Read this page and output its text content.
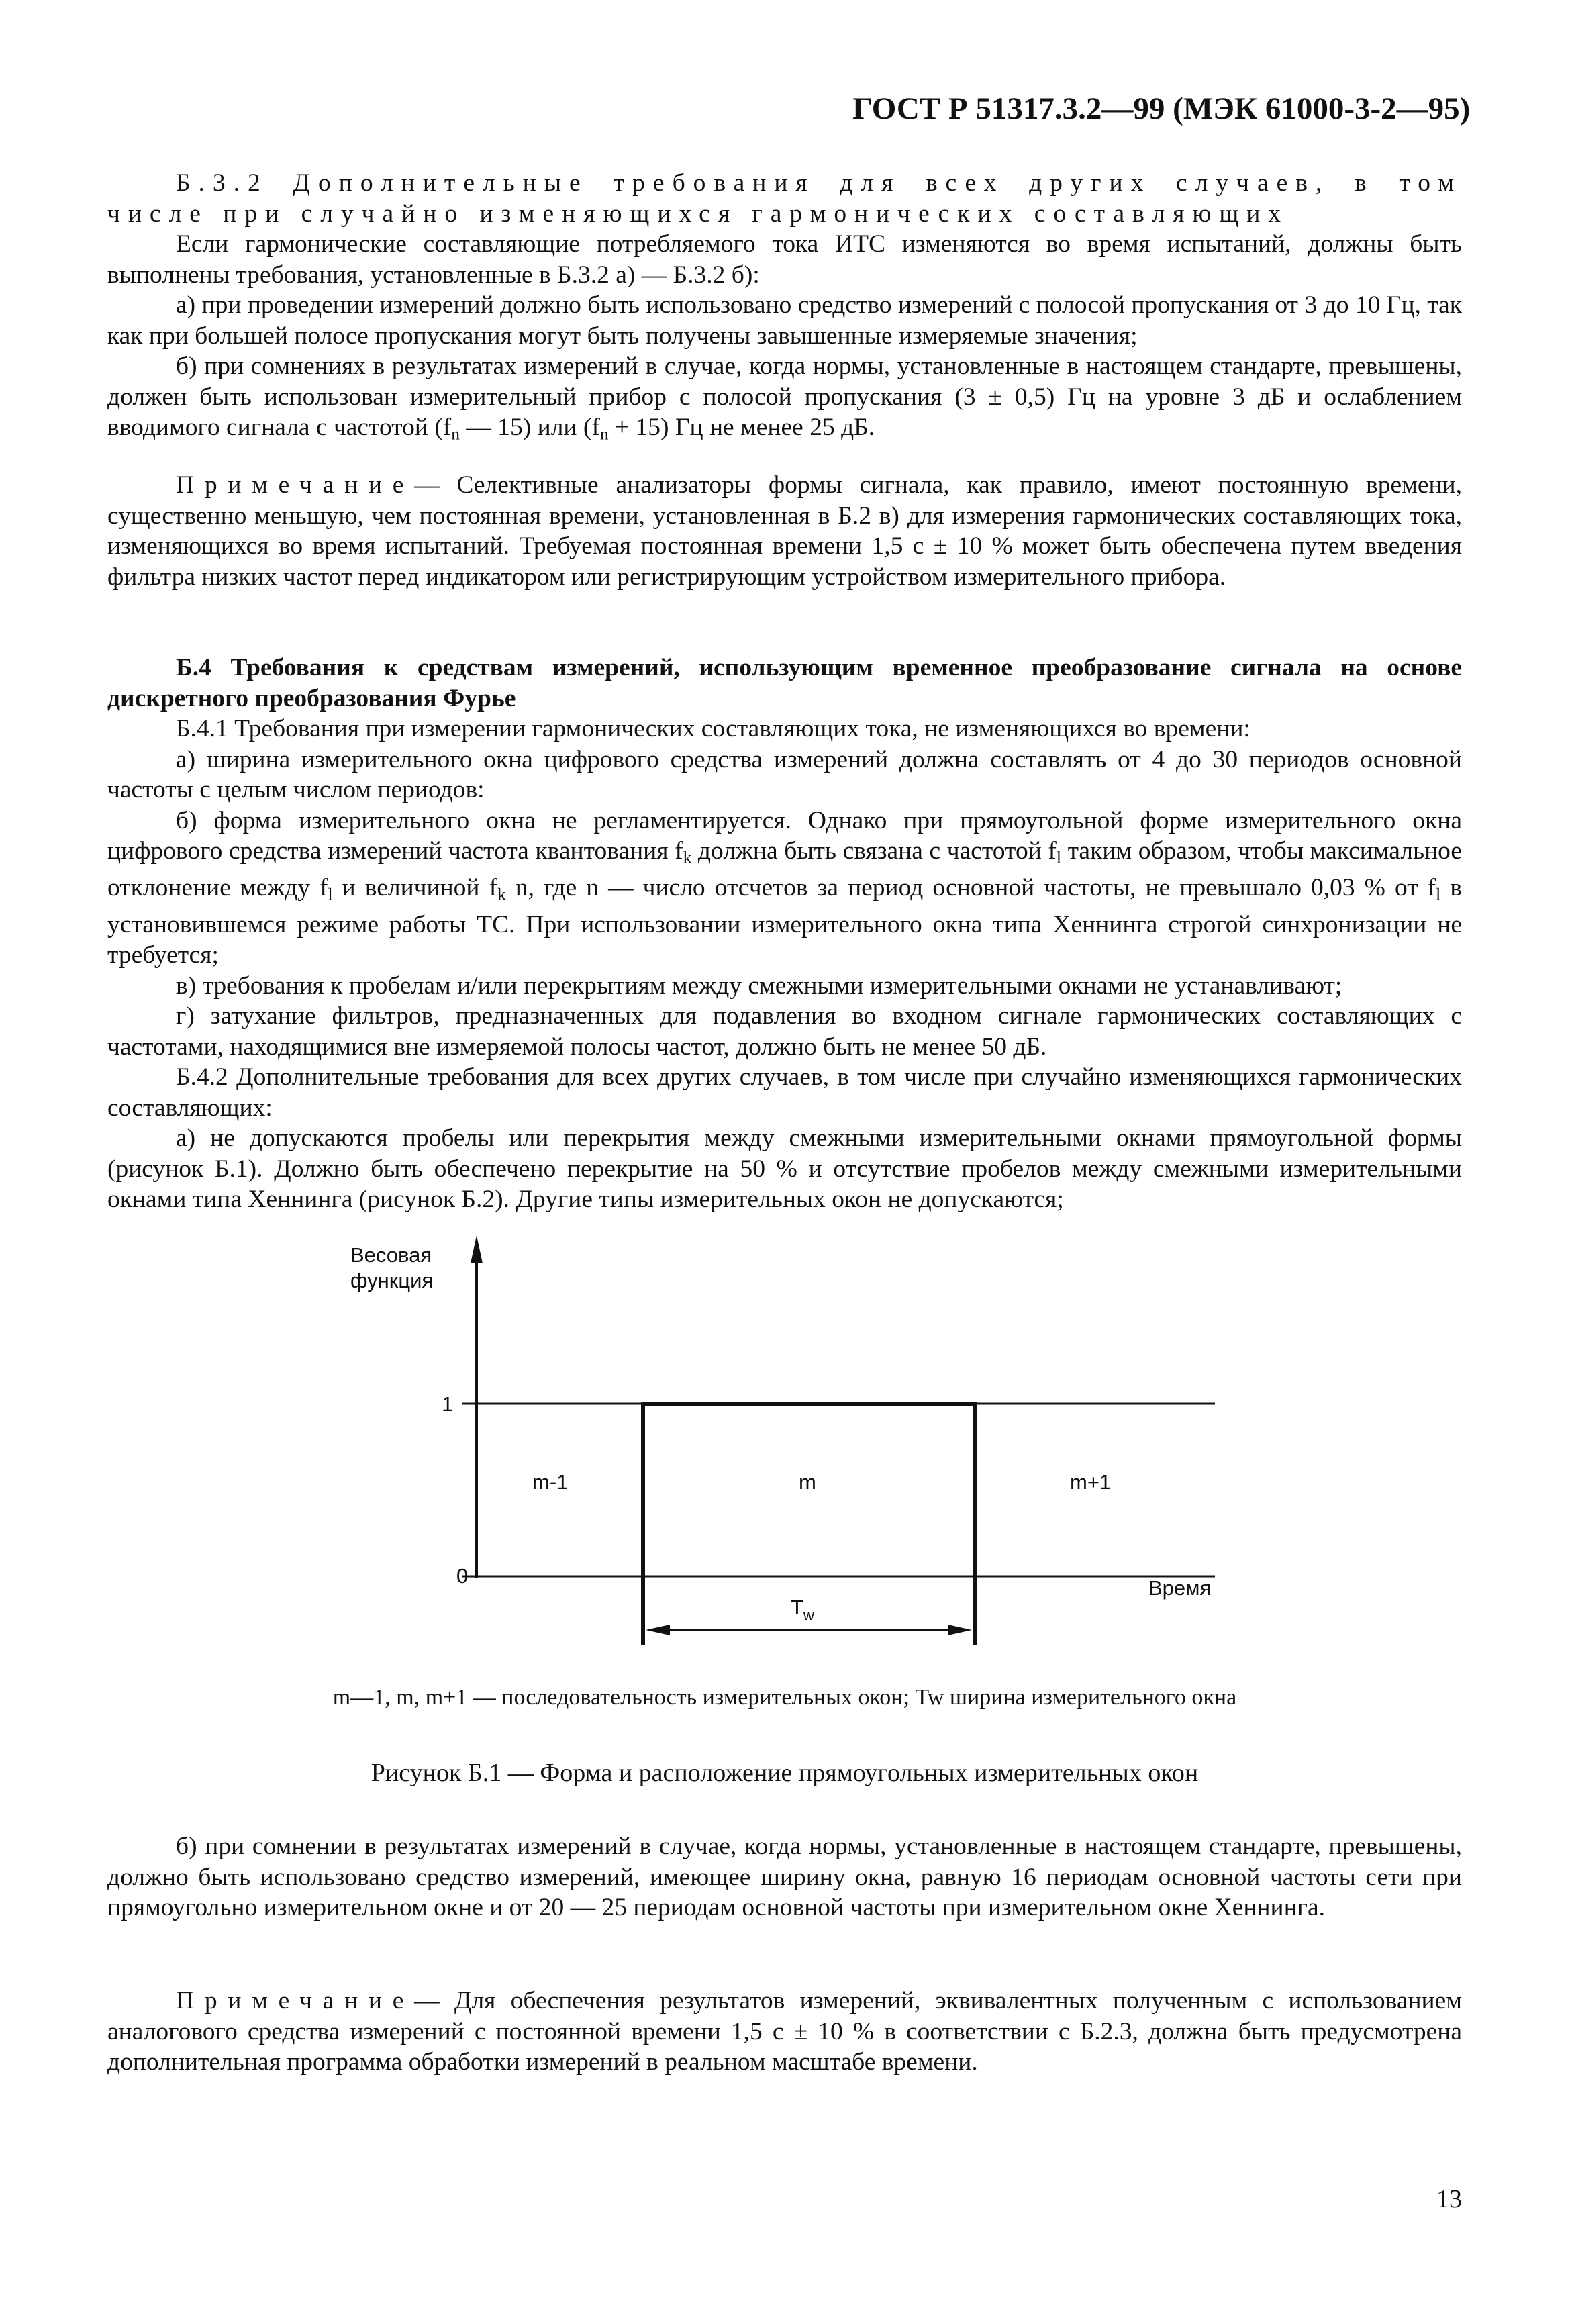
ГОСТ Р 51317.3.2—99 (МЭК 61000-3-2—95)

Б.3.2 Дополнительные требования для всех других случаев, в том числе при случайно изменяющихся гармонических составляющих

Если гармонические составляющие потребляемого тока ИТС изменяются во время испытаний, должны быть выполнены требования, установленные в Б.3.2 а) — Б.3.2 б):

а) при проведении измерений должно быть использовано средство измерений с полосой пропускания от 3 до 10 Гц, так как при большей полосе пропускания могут быть получены завышенные измеряемые значения;

б) при сомнениях в результатах измерений в случае, когда нормы, установленные в настоящем стандарте, превышены, должен быть использован измерительный прибор с полосой пропускания (3 ± 0,5) Гц на уровне 3 дБ и ослаблением вводимого сигнала с частотой ($f_n$ — 15) или $(f_n + 15)$ Гц не менее 25 дБ.

Примечание— Селективные анализаторы формы сигнала, как правило, имеют постоянную времени, существенно меньшую, чем постоянная времени, установленная в Б.2 в) для измерения гармонических составляющих тока, изменяющихся во время испытаний. Требуемая постоянная времени 1,5 с ± 10 % может быть обеспечена путем введения фильтра низких частот перед индикатором или регистрирующим устройством измерительного прибора.

Б.4 Требования к средствам измерений, использующим временное преобразование сигнала на основе дискретного преобразования Фурье

Б.4.1 Требования при измерении гармонических составляющих тока, не изменяющихся во времени:

а) ширина измерительного окна цифрового средства измерений должна составлять от 4 до 30 периодов основной частоты с целым числом периодов:

б) форма измерительного окна не регламентируется. Однако при прямоугольной форме измерительного окна цифрового средства измерений частота квантования $f_k$ должна быть связана с частотой $f_l$ таким образом, чтобы максимальное отклонение между $f_l$ и величиной $f_k$ n, где n — число отсчетов за период основной частоты, не превышало 0,03 % от $f_l$ в установившемся режиме работы ТС. При использовании измерительного окна типа Хеннинга строгой синхронизации не требуется;

в) требования к пробелам и/или перекрытиям между смежными измерительными окнами не устанавливают;

г) затухание фильтров, предназначенных для подавления во входном сигнале гармонических составляющих с частотами, находящимися вне измеряемой полосы частот, должно быть не менее 50 дБ.

Б.4.2 Дополнительные требования для всех других случаев, в том числе при случайно изменяющихся гармонических составляющих:

а) не допускаются пробелы или перекрытия между смежными измерительными окнами прямоугольной формы (рисунок Б.1). Должно быть обеспечено перекрытие на 50 % и отсутствие пробелов между смежными измерительными окнами типа Хеннинга (рисунок Б.2). Другие типы измерительных окон не допускаются;

Весовая
функция
1
0
Время
m-1	m	m+1
$T_w$
m—1, m, m+1 — последовательность измерительных окон; Tw ширина измерительного окна
Рисунок Б.1 — Форма и расположение прямоугольных измерительных окон

б) при сомнении в результатах измерений в случае, когда нормы, установленные в настоящем стандарте, превышены, должно быть использовано средство измерений, имеющее ширину окна, равную 16 периодам основной частоты сети при прямоугольно измерительном окне и от 20 — 25 периодам основной частоты при измерительном окне Хеннинга.

Примечание— Для обеспечения результатов измерений, эквивалентных полученным с использованием аналогового средства измерений с постоянной времени 1,5 с ± 10 % в соответствии с Б.2.3, должна быть предусмотрена дополнительная программа обработки измерений в реальном масштабе времени.

13
